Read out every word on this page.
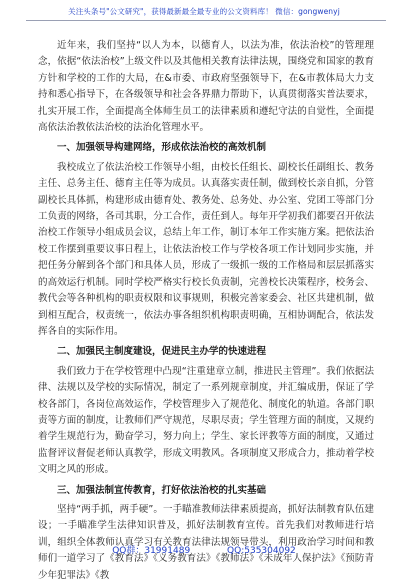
关注头条号"公文研究"，获得最新最全最专业的公文资料库！ 微信：gongwenyj

近年来，我们坚持“以人为本，以德育人，以法为准，依法治校”的管理理念，依据“依法治校”上级文件以及其他相关教育法律法规，围绕党和国家的教育方针和学校的工作的大局，在&市委、市政府坚强领导下，在&市教体局大力支持和悉心指导下，在各级领导和社会各界鼎力帮助下，认真贯彻落实普法要求，扎实开展工作，全面提高全体师生员工的法律素质和遵纪守法的自觉性，全面提高依法治教依法治校的法治化管理水平。

一、加强领导构建网络，形成依法治校的高效机制

我校成立了依法治校工作领导小组，由校长任组长、副校长任副组长、教务主任、总务主任、德育主任等为成员。认真落实责任制，做到校长亲自抓，分管副校长具体抓，构建形成由德育处、教务处、总务处、办公室、党团工等部门分工负责的网络，各司其职，分工合作，责任到人。每年开学初我们都要召开依法治校工作领导小组成员会议，总结上年工作，制订本年工作实施方案。把依法治校工作摆到重要议事日程上，让依法治校工作与学校各项工作计划同步实施，并把任务分解到各个部门和具体人员，形成了一级抓一级的工作格局和层层抓落实的高效运行机制。同时学校严格实行校长负责制，完善校长决策程序，校务会、教代会等各种机构的职责权限和议事规则，积极完善家委会、社区共建机制，做到相互配合，权责统一，依法办事各组织机构职责明确，互相协调配合，依法发挥各自的实际作用。

二、加强民主制度建设，促进民主办学的快速进程

我们致力于在学校管理中凸现“注重建章立制，推进民主管理”。我们依据法律、法规以及学校的实际情况，制定了一系列规章制度，并汇编成册，保证了学校各部门，各岗位高效运作，学校管理步入了规范化、制度化的轨道。各部门职责等方面的制度，让教师们严守规范，尽职尽责；学生管理方面的制度，又规约着学生规范行为，勤奋学习，努力向上；学生、家长评教等方面的制度，又通过监督评议督促老师认真教学，形成文明教风。各项制度又形成合力，推动着学校文明之风的形成。

三、加强法制宣传教育，打好依法治校的扎实基础

坚持“两手抓，两手硬”。一手瞄准教师法律素质提高，抓好法制教育队伍建设；一手瞄准学生法律知识普及，抓好法制教育宣传。首先我们对教师进行培训，组织全体教师认真学习有关教育法律法规领导带头，利用政治学习时间和教师们一道学习了《教育法》《义务教育法》《教师法》《未成年人保护法》《预防青少年犯罪法》《教

QQ群：31991489	QQ:535304092
